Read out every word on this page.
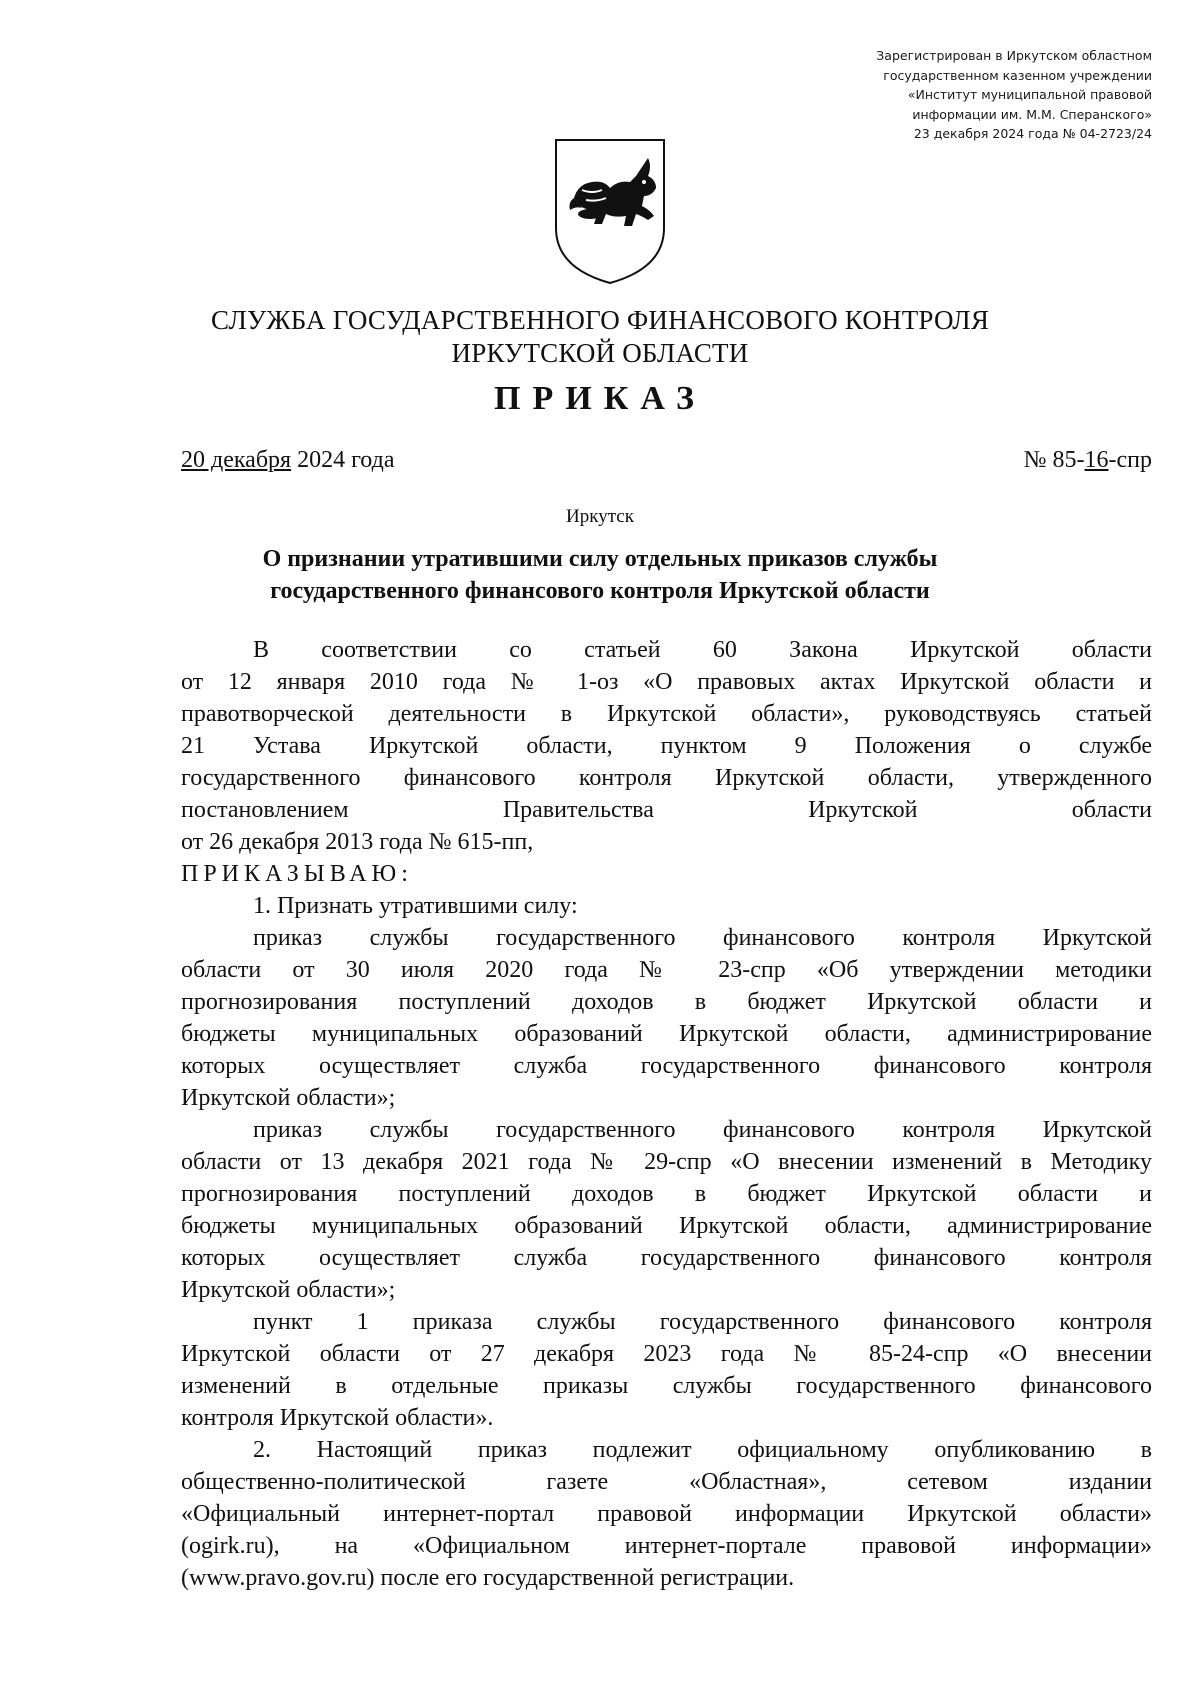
Зарегистрирован в Иркутском областном
государственном казенном учреждении
«Институт муниципальной правовой
информации им. М.М. Сперанского»
23 декабря 2024 года № 04-2723/24
СЛУЖБА ГОСУДАРСТВЕННОГО ФИНАНСОВОГО КОНТРОЛЯ
ИРКУТСКОЙ ОБЛАСТИ
ПРИКАЗ
20 декабря 2024 года	№ 85-16-спр
Иркутск
О признании утратившими силу отдельных приказов службы
государственного финансового контроля Иркутской области
В соответствии со статьей 60 Закона Иркутской области
от 12 января 2010 года № 1-оз «О правовых актах Иркутской области и
правотворческой деятельности в Иркутской области», руководствуясь статьей
21 Устава Иркутской области, пунктом 9 Положения о службе
государственного финансового контроля Иркутской области, утвержденного
постановлением Правительства Иркутской области
от 26 декабря 2013 года № 615-пп,
ПРИКАЗЫВАЮ:
1. Признать утратившими силу:
приказ службы государственного финансового контроля Иркутской
области от 30 июля 2020 года № 23-спр «Об утверждении методики
прогнозирования поступлений доходов в бюджет Иркутской области и
бюджеты муниципальных образований Иркутской области, администрирование
которых осуществляет служба государственного финансового контроля
Иркутской области»;
приказ службы государственного финансового контроля Иркутской
области от 13 декабря 2021 года № 29-спр «О внесении изменений в Методику
прогнозирования поступлений доходов в бюджет Иркутской области и
бюджеты муниципальных образований Иркутской области, администрирование
которых осуществляет служба государственного финансового контроля
Иркутской области»;
пункт 1 приказа службы государственного финансового контроля
Иркутской области от 27 декабря 2023 года № 85-24-спр «О внесении
изменений в отдельные приказы службы государственного финансового
контроля Иркутской области».
2. Настоящий приказ подлежит официальному опубликованию в
общественно-политической газете «Областная», сетевом издании
«Официальный интернет-портал правовой информации Иркутской области»
(ogirk.ru), на «Официальном интернет-портале правовой информации»
(www.pravo.gov.ru) после его государственной регистрации.
